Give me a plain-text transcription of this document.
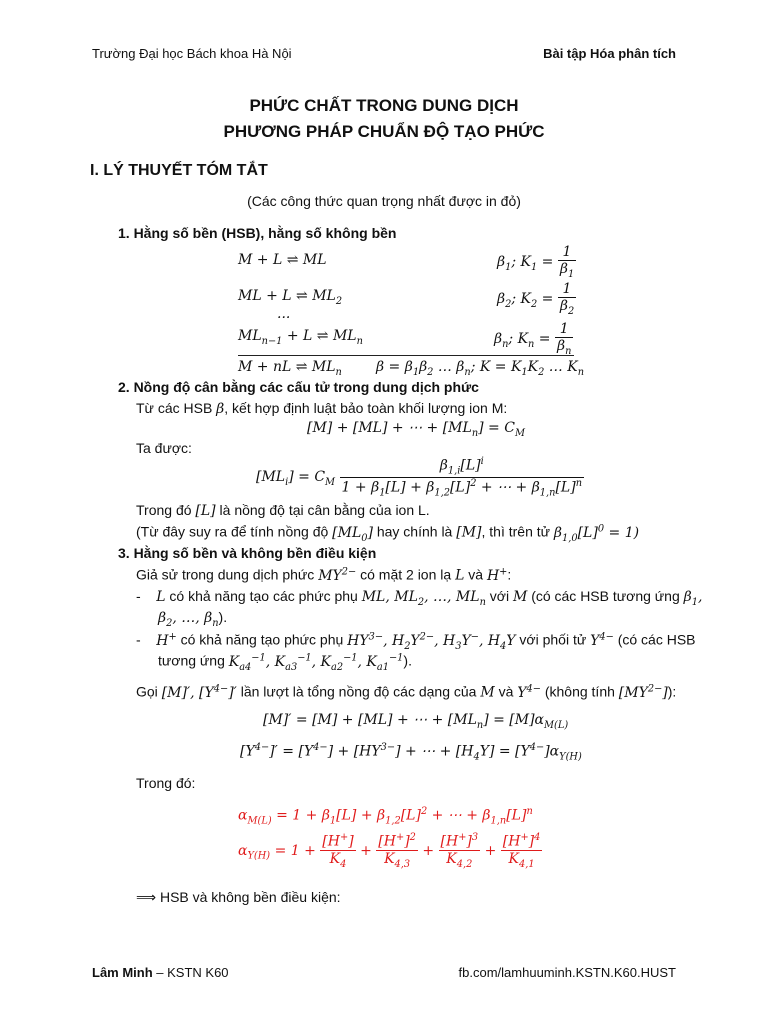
Trường Đại học Bách khoa Hà Nội	Bài tập Hóa phân tích
PHỨC CHẤT TRONG DUNG DỊCH
PHƯƠNG PHÁP CHUẨN ĐỘ TẠO PHỨC
I. LÝ THUYẾT TÓM TẮT
(Các công thức quan trọng nhất được in đỏ)
1. Hằng số bền (HSB), hằng số không bền
M + L ⇌ ML	$\beta_1$; $K_1 = \frac{1}{\beta_1}$
ML + L ⇌ $ML_2$	$\beta_2$; $K_2 = \frac{1}{\beta_2}$
...
$ML_{n-1} + L$ ⇌ $ML_n$	$\beta_n$; $K_n = \frac{1}{\beta_n}$
M + nL ⇌ $ML_n$ $\beta = \beta_1\beta_2$ … $\beta_n$; $K = K_1K_2$ … $K_n$
2. Nồng độ cân bằng các cấu tử trong dung dịch phức
Từ các HSB β, kết hợp định luật bảo toàn khối lượng ion M:
[M] + [ML] + ⋯ + $[ML_n] = C_M$
Ta được:
$[ML_i] = C_M \frac{\beta_{1,i}[L]^i}{1 + \beta_1[L] + \beta_{1,2}[L]^2 + \cdots + \beta_{1,n}[L]^n}$
Trong đó [L] là nồng độ tại cân bằng của ion L.
(Từ đây suy ra để tính nồng độ $[ML_0]$ hay chính là [M], thì trên tử $\beta_{1,0}[L]^0 = 1$)
3. Hằng số bền và không bền điều kiện
Giả sử trong dung dịch phức $MY^{2-}$ có mặt 2 ion lạ L và H+:
-    L có khả năng tạo các phức phụ ML, $ML_2$, …, $ML_n$ với M (có các HSB tương ứng $\beta_1$,
$\beta_2$, …, $\beta_n$).
-    H+ có khả năng tạo phức phụ $HY^{3-}$, $H_2Y^{2-}$, $H_3Y^-$, $H_4Y$ với phối tử $Y^{4-}$ (có các HSB
tương ứng $K_{a4}^{-1}$, $K_{a3}^{-1}$, $K_{a2}^{-1}$, $K_{a1}^{-1}$).
Gọi [M]′, $[Y^{4-}]'$ lần lượt là tổng nồng độ các dạng của M và $Y^{4-}$ (không tính $[MY^{2-}]$):
[M]′ = [M] + [ML] + ⋯ + $[ML_n] = [M]\alpha_{M(L)}$
$[Y^{4-}]' = [Y^{4-}] + [HY^{3-}]$ + ⋯ + $[H_4Y] = [Y^{4-}]\alpha_{Y(H)}$
Trong đó:
$\alpha_{M(L)} = 1 + \beta_1[L] + \beta_{1,2}[L]^2$ + ⋯ + $\beta_{1,n}[L]^n$
$\alpha_{Y(H)} = 1 + \frac{[H^+]}{K_4} + \frac{[H^+]^2}{K_{4,3}} + \frac{[H^+]^3}{K_{4,2}} + \frac{[H^+]^4}{K_{4,1}}$
⟹ HSB và không bền điều kiện:
Lâm Minh – KSTN K60	fb.com/lamhuuminh.KSTN.K60.HUST
